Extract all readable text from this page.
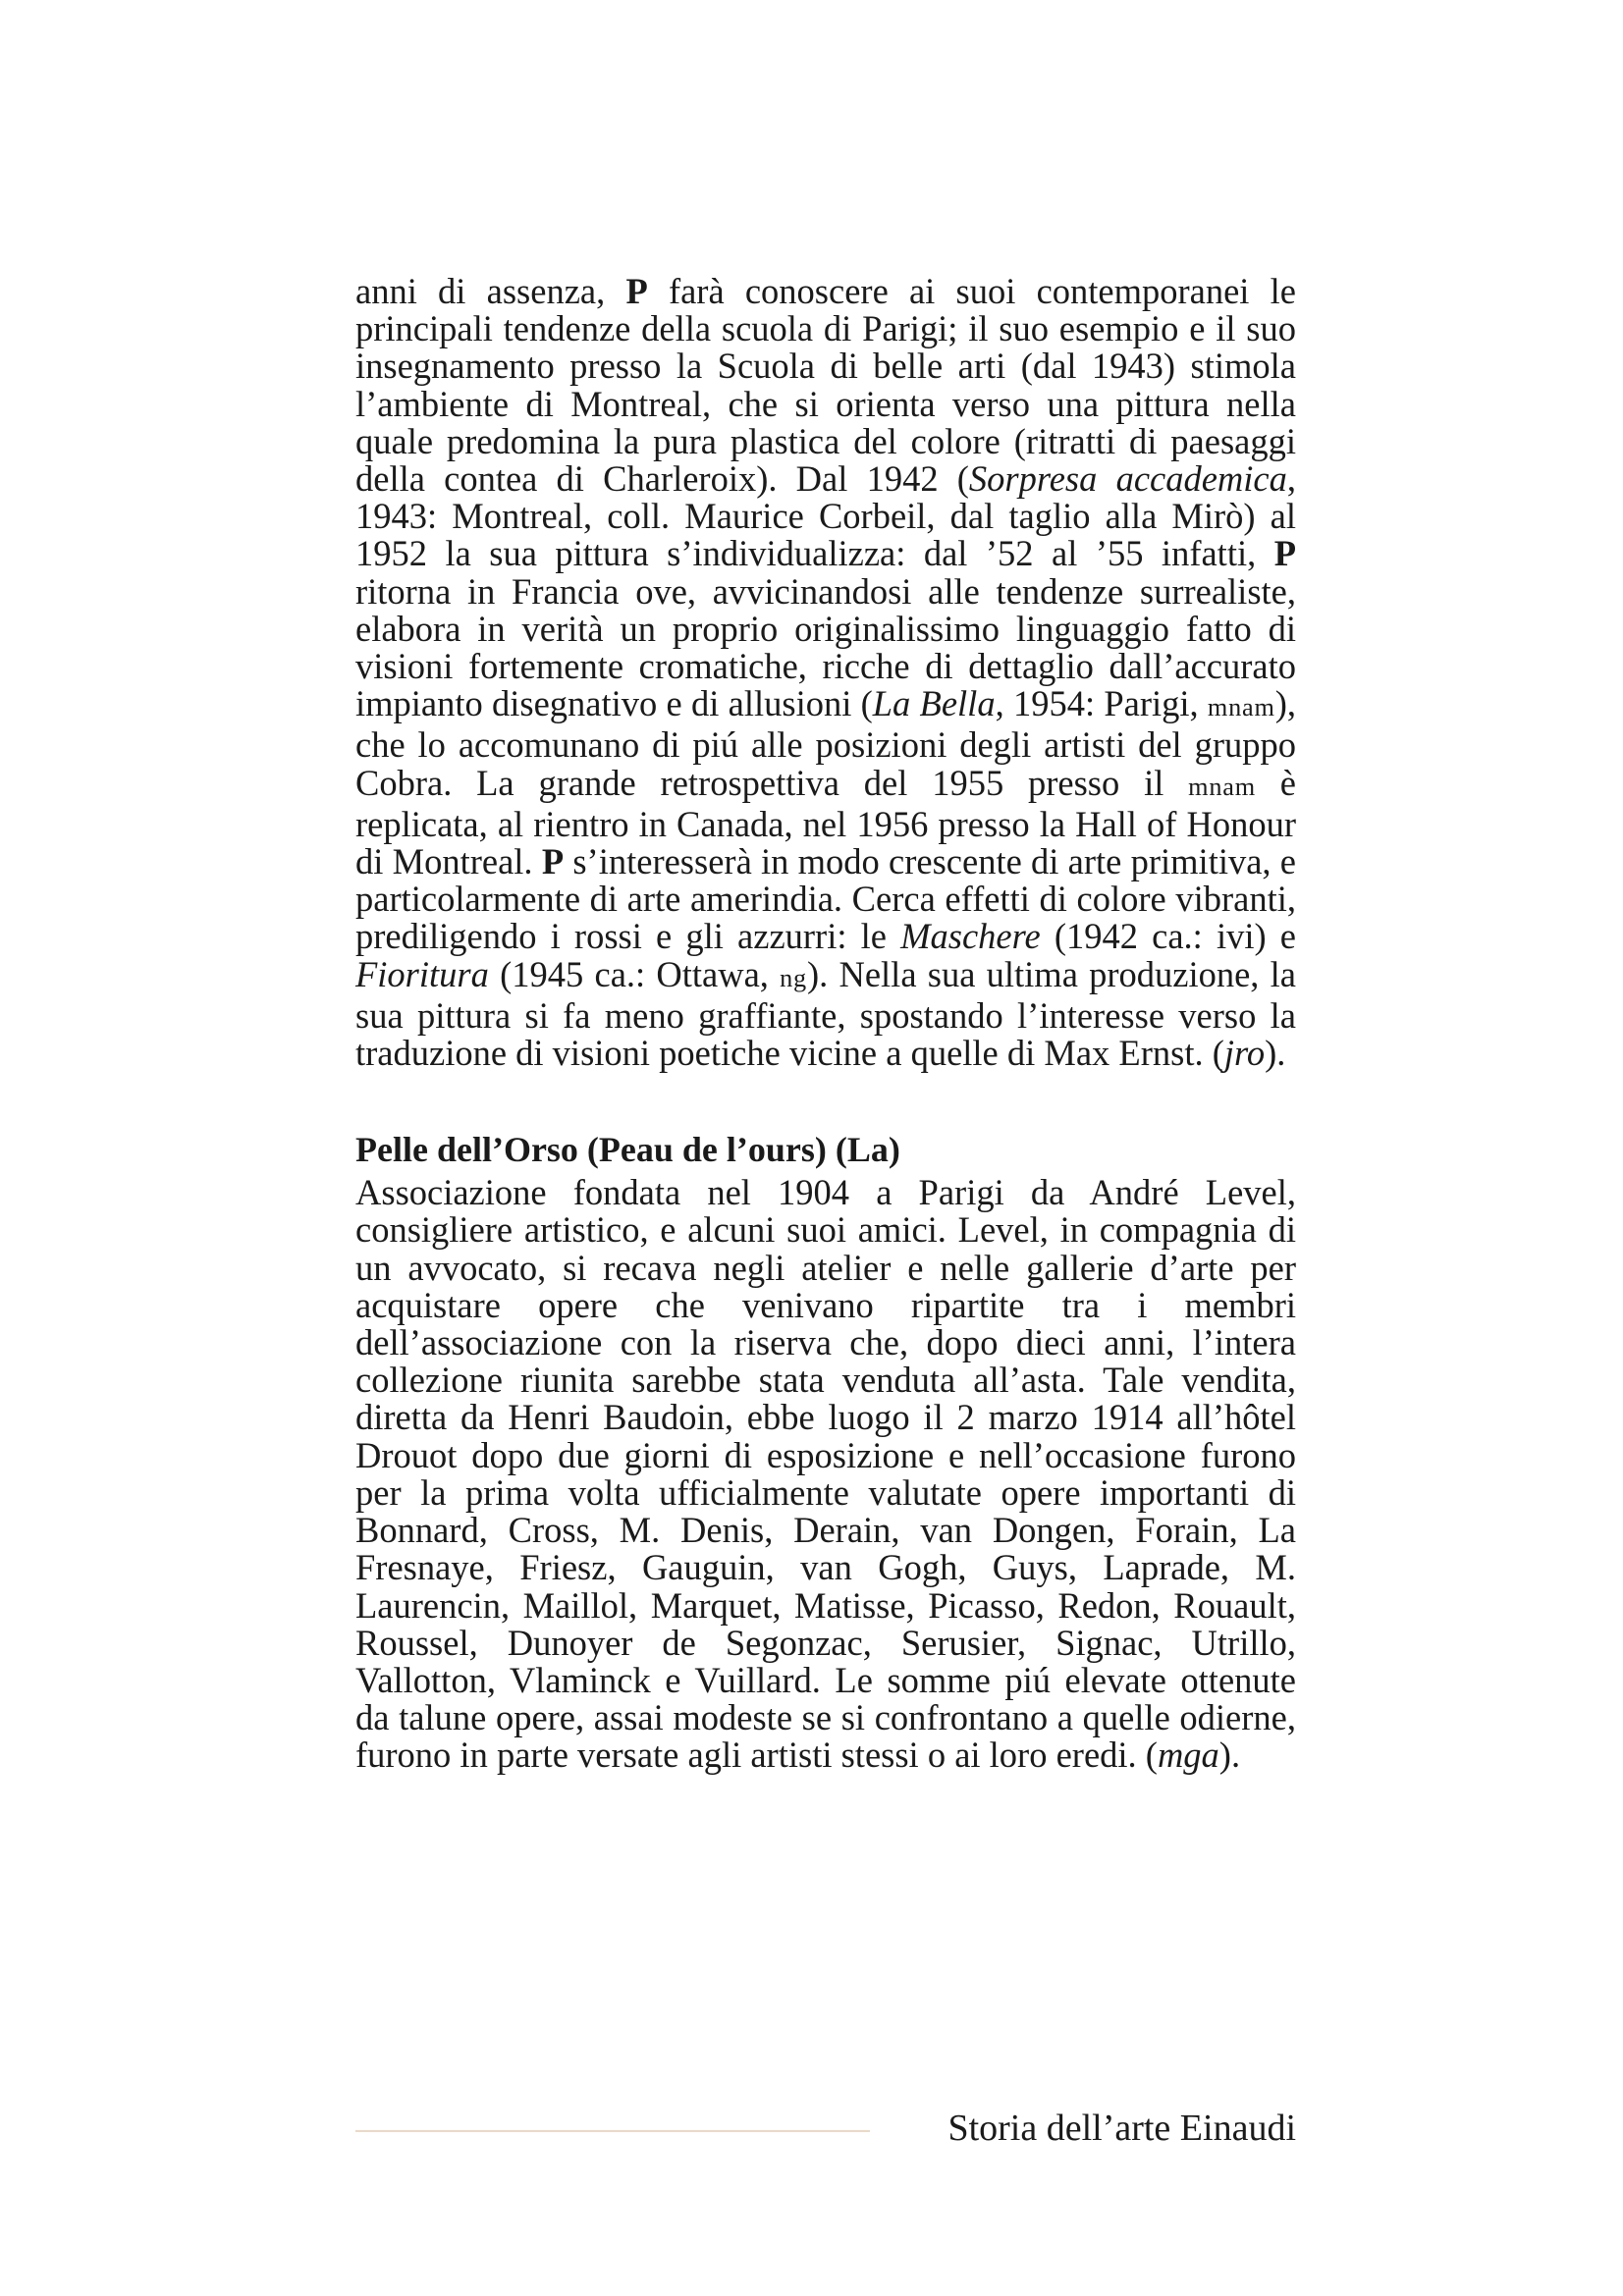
anni di assenza, P farà conoscere ai suoi contemporanei le principali tendenze della scuola di Parigi; il suo esempio e il suo insegnamento presso la Scuola di belle arti (dal 1943) stimola l’ambiente di Montreal, che si orienta verso una pittura nella quale predomina la pura plastica del colore (ritratti di paesaggi della contea di Charleroix). Dal 1942 (Sorpresa accademica, 1943: Montreal, coll. Maurice Corbeil, dal taglio alla Mirò) al 1952 la sua pittura s’individualizza: dal ’52 al ’55 infatti, P ritorna in Francia ove, avvicinandosi alle tendenze surrealiste, elabora in verità un proprio originalissimo linguaggio fatto di visioni fortemente cromatiche, ricche di dettaglio dall’accurato impianto disegnativo e di allusioni (La Bella, 1954: Parigi, mnam), che lo accomunano di piú alle posizioni degli artisti del gruppo Cobra. La grande retrospettiva del 1955 presso il mnam è replicata, al rientro in Canada, nel 1956 presso la Hall of Honour di Montreal. P s’interesserà in modo crescente di arte primitiva, e particolarmente di arte amerindia. Cerca effetti di colore vibranti, prediligendo i rossi e gli azzurri: le Maschere (1942 ca.: ivi) e Fioritura (1945 ca.: Ottawa, ng). Nella sua ultima produzione, la sua pittura si fa meno graffiante, spostando l’interesse verso la traduzione di visioni poetiche vicine a quelle di Max Ernst. (jro).

Pelle dell’Orso (Peau de l’ours) (La)

Associazione fondata nel 1904 a Parigi da André Level, consigliere artistico, e alcuni suoi amici. Level, in compagnia di un avvocato, si recava negli atelier e nelle gallerie d’arte per acquistare opere che venivano ripartite tra i membri dell’associazione con la riserva che, dopo dieci anni, l’intera collezione riunita sarebbe stata venduta all’asta. Tale vendita, diretta da Henri Baudoin, ebbe luogo il 2 marzo 1914 all’hôtel Drouot dopo due giorni di esposizione e nell’occasione furono per la prima volta ufficialmente valutate opere importanti di Bonnard, Cross, M. Denis, Derain, van Dongen, Forain, La Fresnaye, Friesz, Gauguin, van Gogh, Guys, Laprade, M. Laurencin, Maillol, Marquet, Matisse, Picasso, Redon, Rouault, Roussel, Dunoyer de Segonzac, Serusier, Signac, Utrillo, Vallotton, Vlaminck e Vuillard. Le somme piú elevate ottenute da talune opere, assai modeste se si confrontano a quelle odierne, furono in parte versate agli artisti stessi o ai loro eredi. (mga).

Storia dell’arte Einaudi
